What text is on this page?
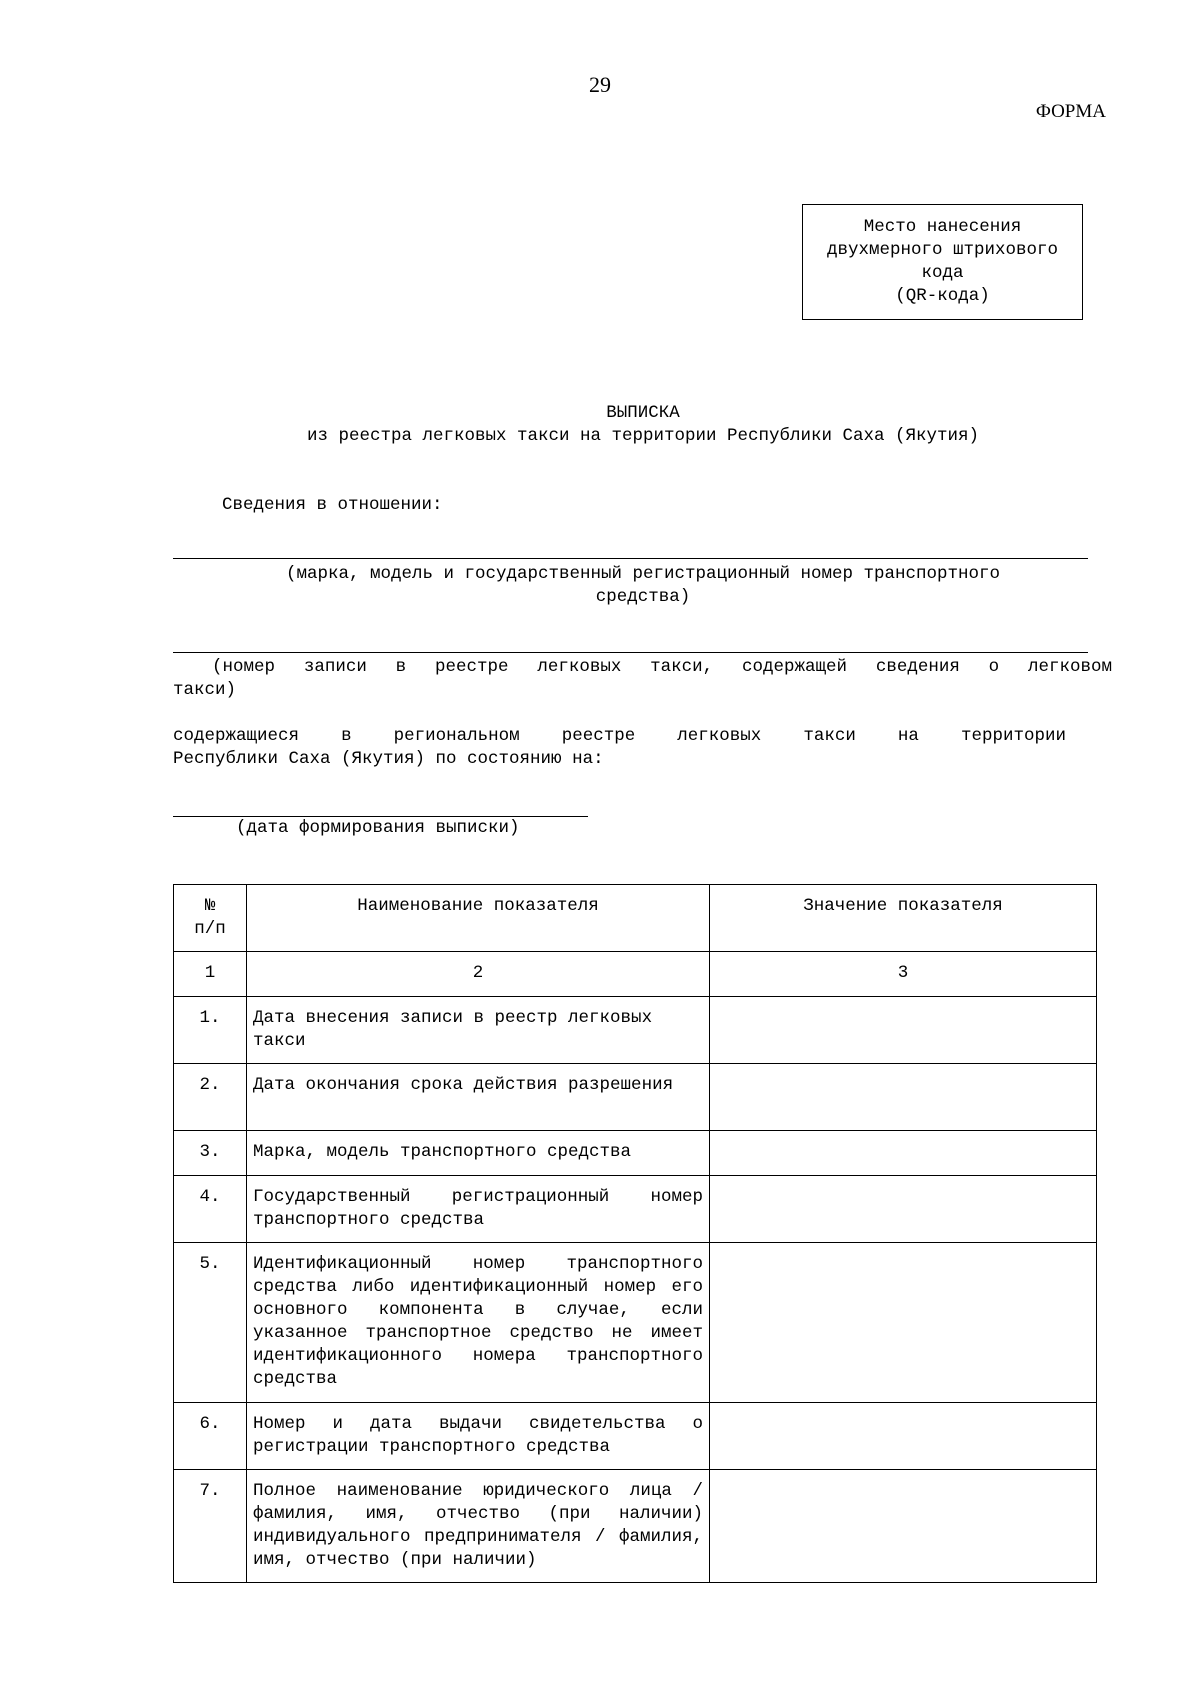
29
ФОРМА
Место нанесения
двухмерного штрихового
кода
(QR-кода)
ВЫПИСКА
из реестра легковых такси на территории Республики Саха (Якутия)
Сведения в отношении:
(марка, модель и государственный регистрационный номер транспортного
средства)
(номер записи в реестре легковых такси, содержащей сведения о легковом
такси)
содержащиеся в региональном реестре легковых такси на территории
Республики Саха (Якутия) по состоянию на:
(дата формирования выписки)
№ п/п	Наименование показателя	Значение показателя
1	2	3
1.	Дата внесения записи в реестр легковых такси	
2.	Дата окончания срока действия разрешения	
3.	Марка, модель транспортного средства	
4.	Государственный регистрационный номер транспортного средства	
5.	Идентификационный номер транспортного средства либо идентификационный номер его основного компонента в случае, если указанное транспортное средство не имеет идентификационного номера транспортного средства	
6.	Номер и дата выдачи свидетельства о регистрации транспортного средства	
7.	Полное наименование юридического лица / фамилия, имя, отчество (при наличии) индивидуального предпринимателя / фамилия, имя, отчество (при наличии)	
